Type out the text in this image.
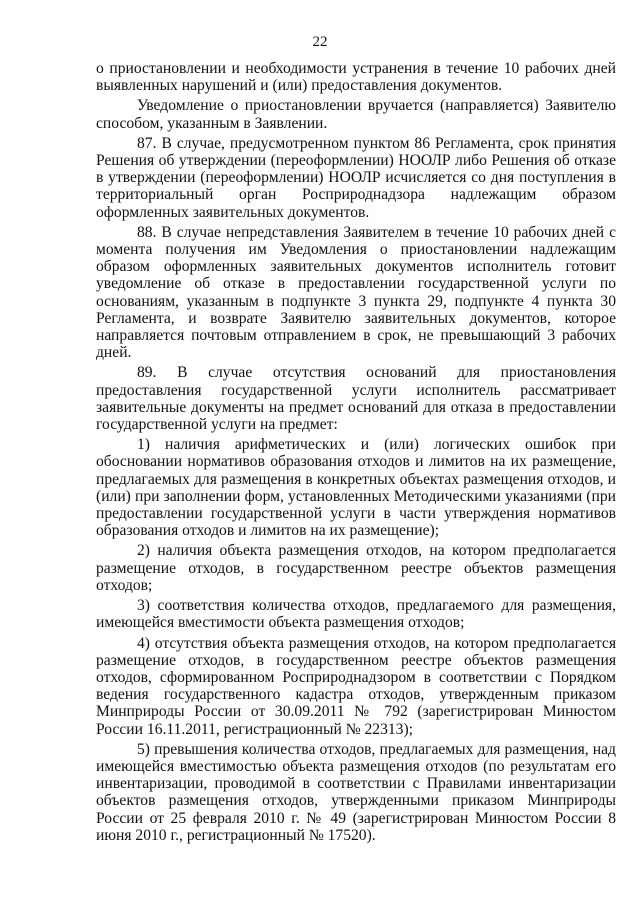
22

о приостановлении и необходимости устранения в течение 10 рабочих дней выявленных нарушений и (или) предоставления документов.

Уведомление о приостановлении вручается (направляется) Заявителю способом, указанным в Заявлении.

87. В случае, предусмотренном пунктом 86 Регламента, срок принятия Решения об утверждении (переоформлении) НООЛР либо Решения об отказе в утверждении (переоформлении) НООЛР исчисляется со дня поступления в территориальный орган Росприроднадзора надлежащим образом оформленных заявительных документов.

88. В случае непредставления Заявителем в течение 10 рабочих дней с момента получения им Уведомления о приостановлении надлежащим образом оформленных заявительных документов исполнитель готовит уведомление об отказе в предоставлении государственной услуги по основаниям, указанным в подпункте 3 пункта 29, подпункте 4 пункта 30 Регламента, и возврате Заявителю заявительных документов, которое направляется почтовым отправлением в срок, не превышающий 3 рабочих дней.

89. В случае отсутствия оснований для приостановления предоставления государственной услуги исполнитель рассматривает заявительные документы на предмет оснований для отказа в предоставлении государственной услуги на предмет:

1) наличия арифметических и (или) логических ошибок при обосновании нормативов образования отходов и лимитов на их размещение, предлагаемых для размещения в конкретных объектах размещения отходов, и (или) при заполнении форм, установленных Методическими указаниями (при предоставлении государственной услуги в части утверждения нормативов образования отходов и лимитов на их размещение);

2) наличия объекта размещения отходов, на котором предполагается размещение отходов, в государственном реестре объектов размещения отходов;

3) соответствия количества отходов, предлагаемого для размещения, имеющейся вместимости объекта размещения отходов;

4) отсутствия объекта размещения отходов, на котором предполагается размещение отходов, в государственном реестре объектов размещения отходов, сформированном Росприроднадзором в соответствии с Порядком ведения государственного кадастра отходов, утвержденным приказом Минприроды России от 30.09.2011 № 792 (зарегистрирован Минюстом России 16.11.2011, регистрационный № 22313);

5) превышения количества отходов, предлагаемых для размещения, над имеющейся вместимостью объекта размещения отходов (по результатам его инвентаризации, проводимой в соответствии с Правилами инвентаризации объектов размещения отходов, утвержденными приказом Минприроды России от 25 февраля 2010 г. № 49 (зарегистрирован Минюстом России 8 июня 2010 г., регистрационный № 17520).
